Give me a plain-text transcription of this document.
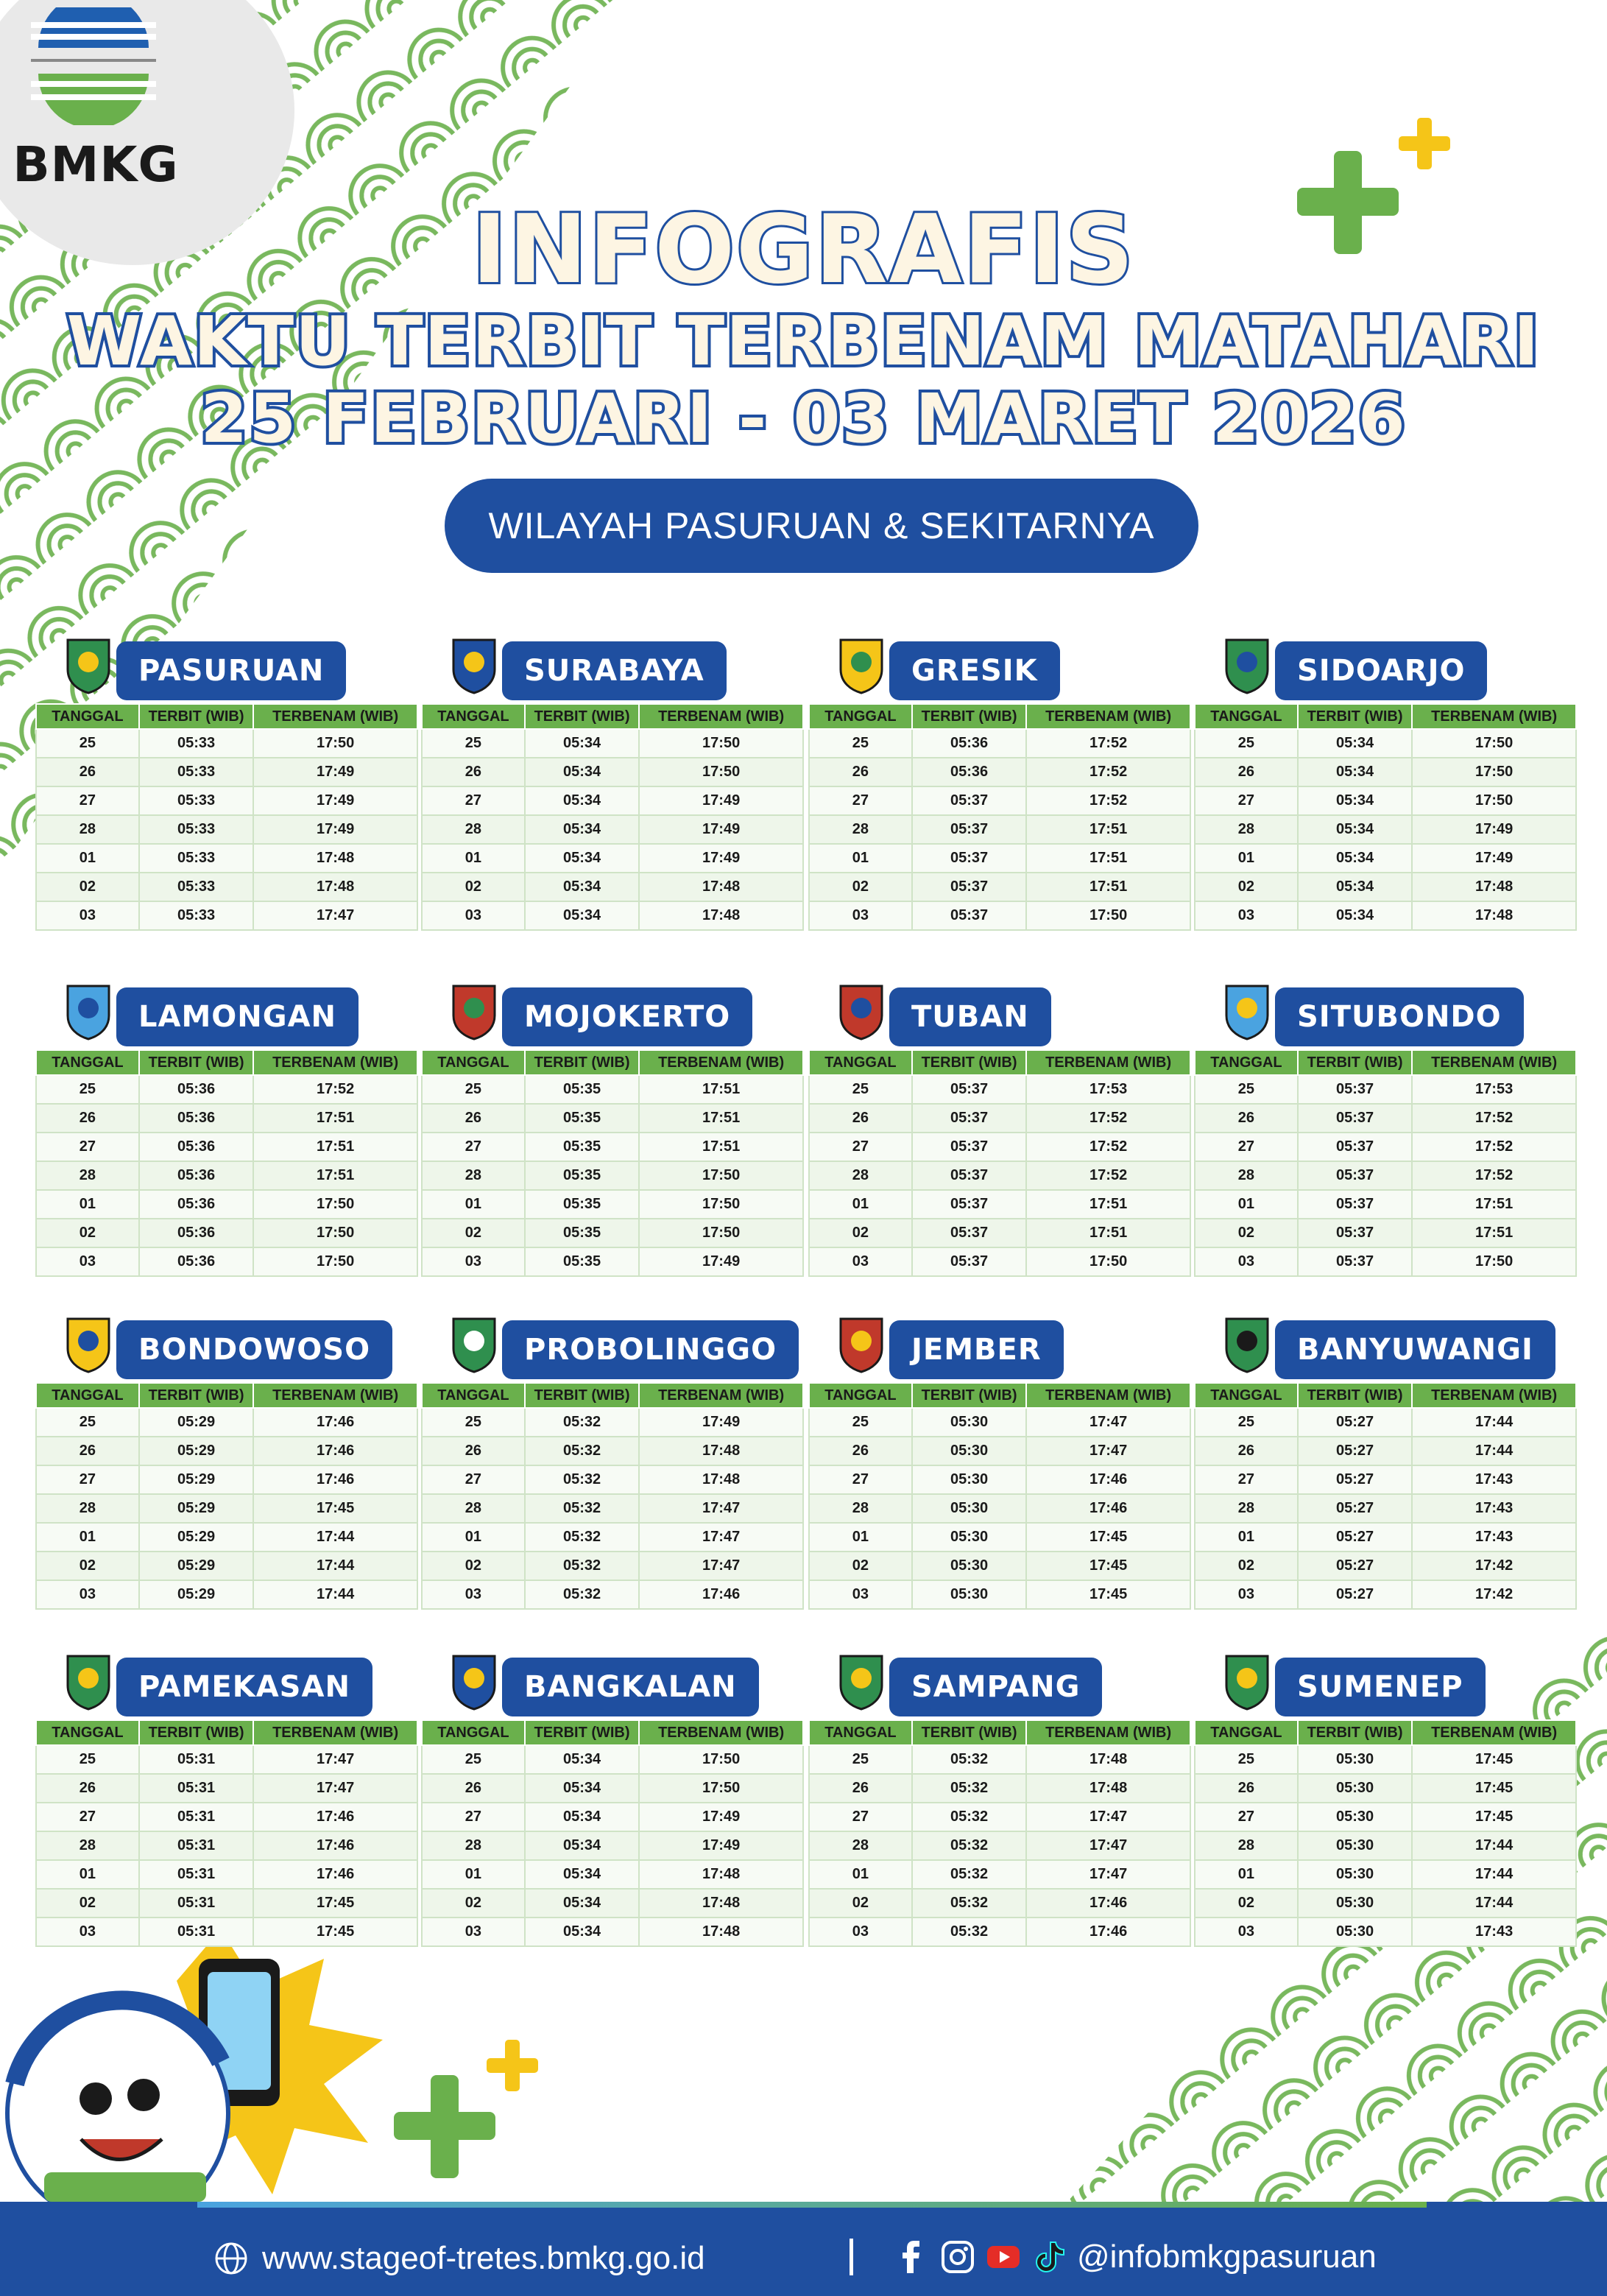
BMKG
INFOGRAFIS
WAKTU TERBIT TERBENAM MATAHARI
25 FEBRUARI - 03 MARET 2026
WILAYAH PASURUAN & SEKITARNYA
PASURUAN
TANGGAL	TERBIT (WIB)	TERBENAM (WIB)
25	05:33	17:50
26	05:33	17:49
27	05:33	17:49
28	05:33	17:49
01	05:33	17:48
02	05:33	17:48
03	05:33	17:47
SURABAYA
TANGGAL	TERBIT (WIB)	TERBENAM (WIB)
25	05:34	17:50
26	05:34	17:50
27	05:34	17:49
28	05:34	17:49
01	05:34	17:49
02	05:34	17:48
03	05:34	17:48
GRESIK
TANGGAL	TERBIT (WIB)	TERBENAM (WIB)
25	05:36	17:52
26	05:36	17:52
27	05:37	17:52
28	05:37	17:51
01	05:37	17:51
02	05:37	17:51
03	05:37	17:50
SIDOARJO
TANGGAL	TERBIT (WIB)	TERBENAM (WIB)
25	05:34	17:50
26	05:34	17:50
27	05:34	17:50
28	05:34	17:49
01	05:34	17:49
02	05:34	17:48
03	05:34	17:48
LAMONGAN
TANGGAL	TERBIT (WIB)	TERBENAM (WIB)
25	05:36	17:52
26	05:36	17:51
27	05:36	17:51
28	05:36	17:51
01	05:36	17:50
02	05:36	17:50
03	05:36	17:50
MOJOKERTO
TANGGAL	TERBIT (WIB)	TERBENAM (WIB)
25	05:35	17:51
26	05:35	17:51
27	05:35	17:51
28	05:35	17:50
01	05:35	17:50
02	05:35	17:50
03	05:35	17:49
TUBAN
TANGGAL	TERBIT (WIB)	TERBENAM (WIB)
25	05:37	17:53
26	05:37	17:52
27	05:37	17:52
28	05:37	17:52
01	05:37	17:51
02	05:37	17:51
03	05:37	17:50
SITUBONDO
TANGGAL	TERBIT (WIB)	TERBENAM (WIB)
25	05:37	17:53
26	05:37	17:52
27	05:37	17:52
28	05:37	17:52
01	05:37	17:51
02	05:37	17:51
03	05:37	17:50
BONDOWOSO
TANGGAL	TERBIT (WIB)	TERBENAM (WIB)
25	05:29	17:46
26	05:29	17:46
27	05:29	17:46
28	05:29	17:45
01	05:29	17:44
02	05:29	17:44
03	05:29	17:44
PROBOLINGGO
TANGGAL	TERBIT (WIB)	TERBENAM (WIB)
25	05:32	17:49
26	05:32	17:48
27	05:32	17:48
28	05:32	17:47
01	05:32	17:47
02	05:32	17:47
03	05:32	17:46
JEMBER
TANGGAL	TERBIT (WIB)	TERBENAM (WIB)
25	05:30	17:47
26	05:30	17:47
27	05:30	17:46
28	05:30	17:46
01	05:30	17:45
02	05:30	17:45
03	05:30	17:45
BANYUWANGI
TANGGAL	TERBIT (WIB)	TERBENAM (WIB)
25	05:27	17:44
26	05:27	17:44
27	05:27	17:43
28	05:27	17:43
01	05:27	17:43
02	05:27	17:42
03	05:27	17:42
PAMEKASAN
TANGGAL	TERBIT (WIB)	TERBENAM (WIB)
25	05:31	17:47
26	05:31	17:47
27	05:31	17:46
28	05:31	17:46
01	05:31	17:46
02	05:31	17:45
03	05:31	17:45
BANGKALAN
TANGGAL	TERBIT (WIB)	TERBENAM (WIB)
25	05:34	17:50
26	05:34	17:50
27	05:34	17:49
28	05:34	17:49
01	05:34	17:48
02	05:34	17:48
03	05:34	17:48
SAMPANG
TANGGAL	TERBIT (WIB)	TERBENAM (WIB)
25	05:32	17:48
26	05:32	17:48
27	05:32	17:47
28	05:32	17:47
01	05:32	17:47
02	05:32	17:46
03	05:32	17:46
SUMENEP
TANGGAL	TERBIT (WIB)	TERBENAM (WIB)
25	05:30	17:45
26	05:30	17:45
27	05:30	17:45
28	05:30	17:44
01	05:30	17:44
02	05:30	17:44
03	05:30	17:43
www.stageof-tretes.bmkg.go.id	@infobmkgpasuruan
